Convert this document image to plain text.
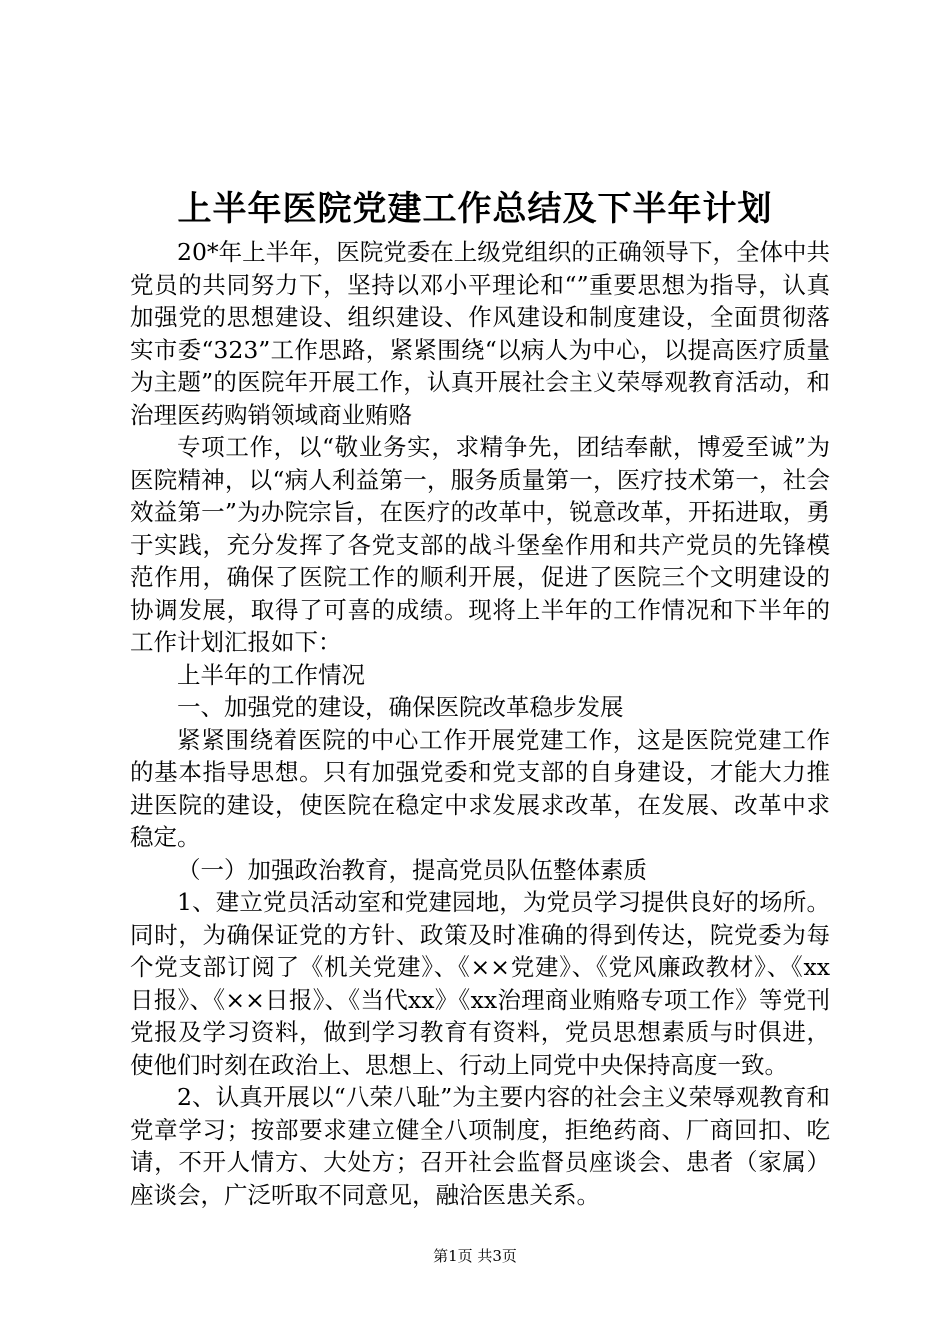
上半年医院党建工作总结及下半年计划

20*年上半年，医院党委在上级党组织的正确领导下，全体中共党员的共同努力下，坚持以邓小平理论和“”重要思想为指导，认真加强党的思想建设、组织建设、作风建设和制度建设，全面贯彻落实市委“323”工作思路，紧紧围绕“以病人为中心，以提高医疗质量为主题”的医院年开展工作，认真开展社会主义荣辱观教育活动，和治理医药购销领域商业贿赂

专项工作，以“敬业务实，求精争先，团结奉献，博爱至诚”为医院精神，以“病人利益第一，服务质量第一，医疗技术第一，社会效益第一”为办院宗旨，在医疗的改革中，锐意改革，开拓进取，勇于实践，充分发挥了各党支部的战斗堡垒作用和共产党员的先锋模范作用，确保了医院工作的顺利开展，促进了医院三个文明建设的协调发展，取得了可喜的成绩。现将上半年的工作情况和下半年的工作计划汇报如下：

上半年的工作情况

一、加强党的建设，确保医院改革稳步发展

紧紧围绕着医院的中心工作开展党建工作，这是医院党建工作的基本指导思想。只有加强党委和党支部的自身建设，才能大力推进医院的建设，使医院在稳定中求发展求改革，在发展、改革中求稳定。

（一）加强政治教育，提高党员队伍整体素质

1、建立党员活动室和党建园地，为党员学习提供良好的场所。同时，为确保证党的方针、政策及时准确的得到传达，院党委为每个党支部订阅了《机关党建》、《××党建》、《党风廉政教材》、《xx日报》、《××日报》、《当代xx》《xx治理商业贿赂专项工作》等党刊党报及学习资料，做到学习教育有资料，党员思想素质与时俱进，使他们时刻在政治上、思想上、行动上同党中央保持高度一致。

2、认真开展以“八荣八耻”为主要内容的社会主义荣辱观教育和党章学习；按部要求建立健全八项制度，拒绝药商、厂商回扣、吃请，不开人情方、大处方；召开社会监督员座谈会、患者（家属）座谈会，广泛听取不同意见，融洽医患关系。

第1页 共3页
